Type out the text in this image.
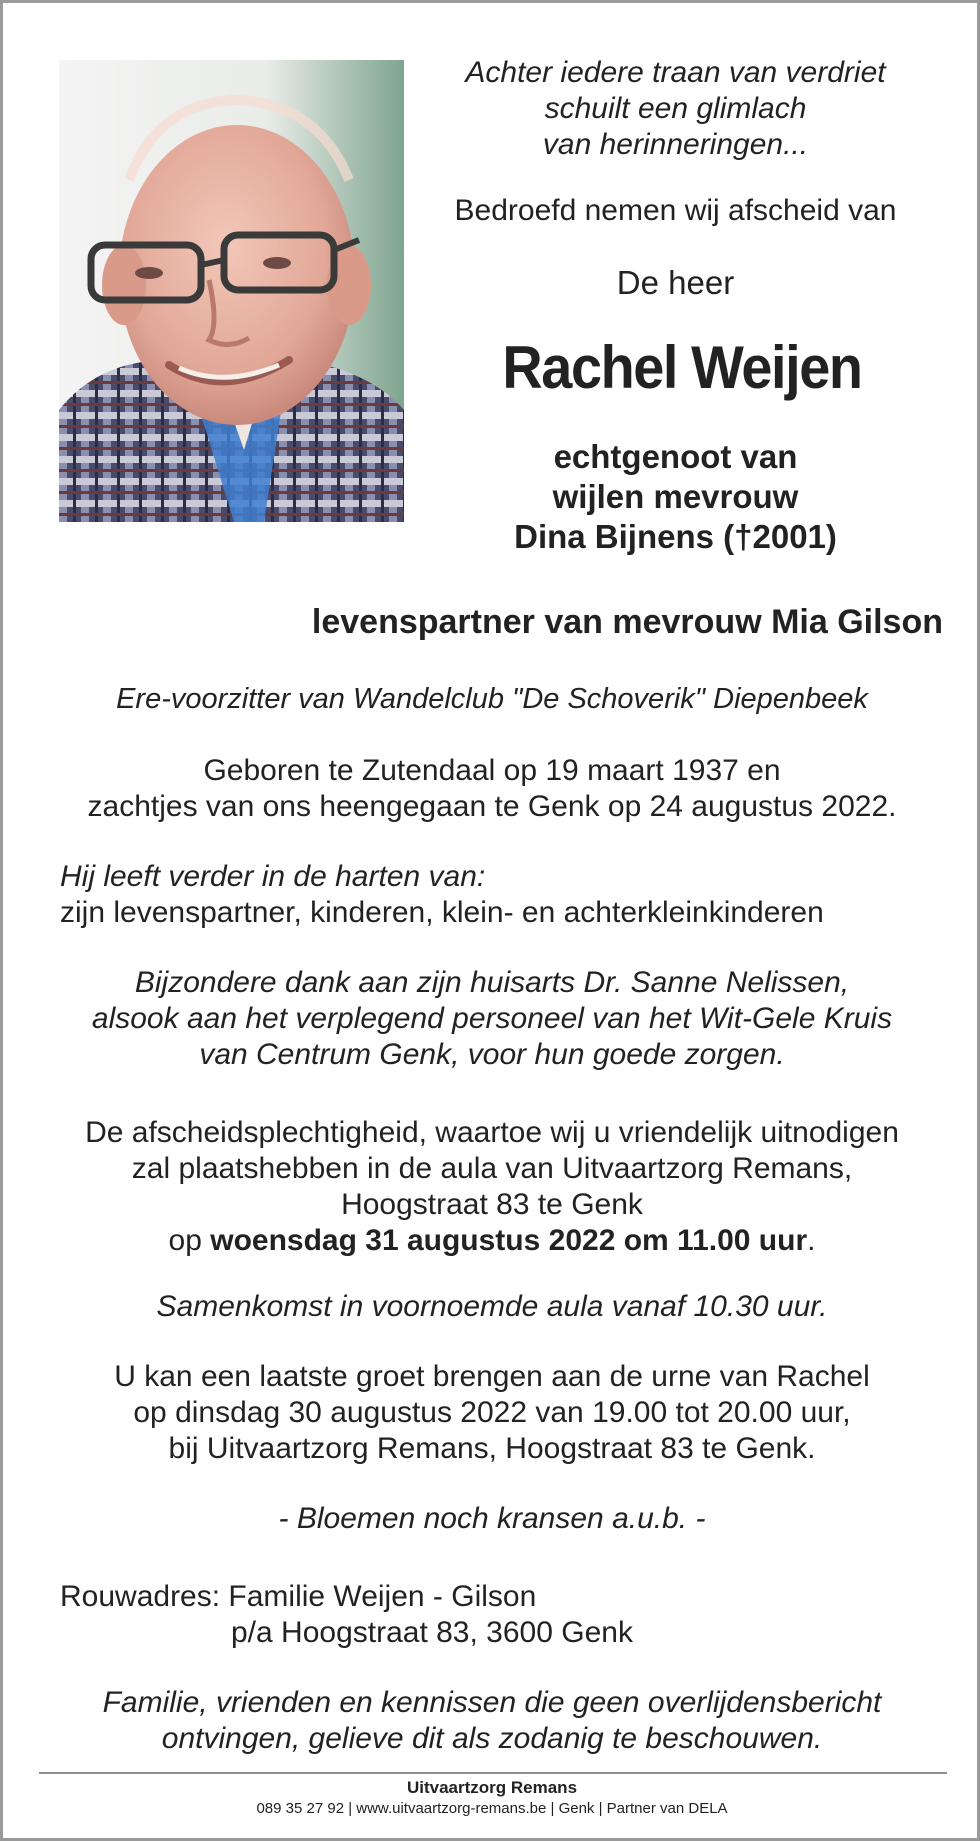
Achter iedere traan van verdriet
schuilt een glimlach
van herinneringen...
Bedroefd nemen wij afscheid van
De heer
Rachel Weijen
echtgenoot van
wijlen mevrouw
Dina Bijnens (†2001)
levenspartner van mevrouw Mia Gilson
Ere-voorzitter van Wandelclub "De Schoverik" Diepenbeek
Geboren te Zutendaal op 19 maart 1937 en
zachtjes van ons heengegaan te Genk op 24 augustus 2022.
Hij leeft verder in de harten van:
zijn levenspartner, kinderen, klein- en achterkleinkinderen
Bijzondere dank aan zijn huisarts Dr. Sanne Nelissen,
alsook aan het verplegend personeel van het Wit-Gele Kruis
van Centrum Genk, voor hun goede zorgen.
De afscheidsplechtigheid, waartoe wij u vriendelijk uitnodigen
zal plaatshebben in de aula van Uitvaartzorg Remans,
Hoogstraat 83 te Genk
op woensdag 31 augustus 2022 om 11.00 uur.
Samenkomst in voornoemde aula vanaf 10.30 uur.
U kan een laatste groet brengen aan de urne van Rachel
op dinsdag 30 augustus 2022 van 19.00 tot 20.00 uur,
bij Uitvaartzorg Remans, Hoogstraat 83 te Genk.
- Bloemen noch kransen a.u.b. -
Rouwadres: Familie Weijen - Gilson
p/a Hoogstraat 83, 3600 Genk
Familie, vrienden en kennissen die geen overlijdensbericht
ontvingen, gelieve dit als zodanig te beschouwen.
Uitvaartzorg Remans
089 35 27 92 | www.uitvaartzorg-remans.be | Genk | Partner van DELA
